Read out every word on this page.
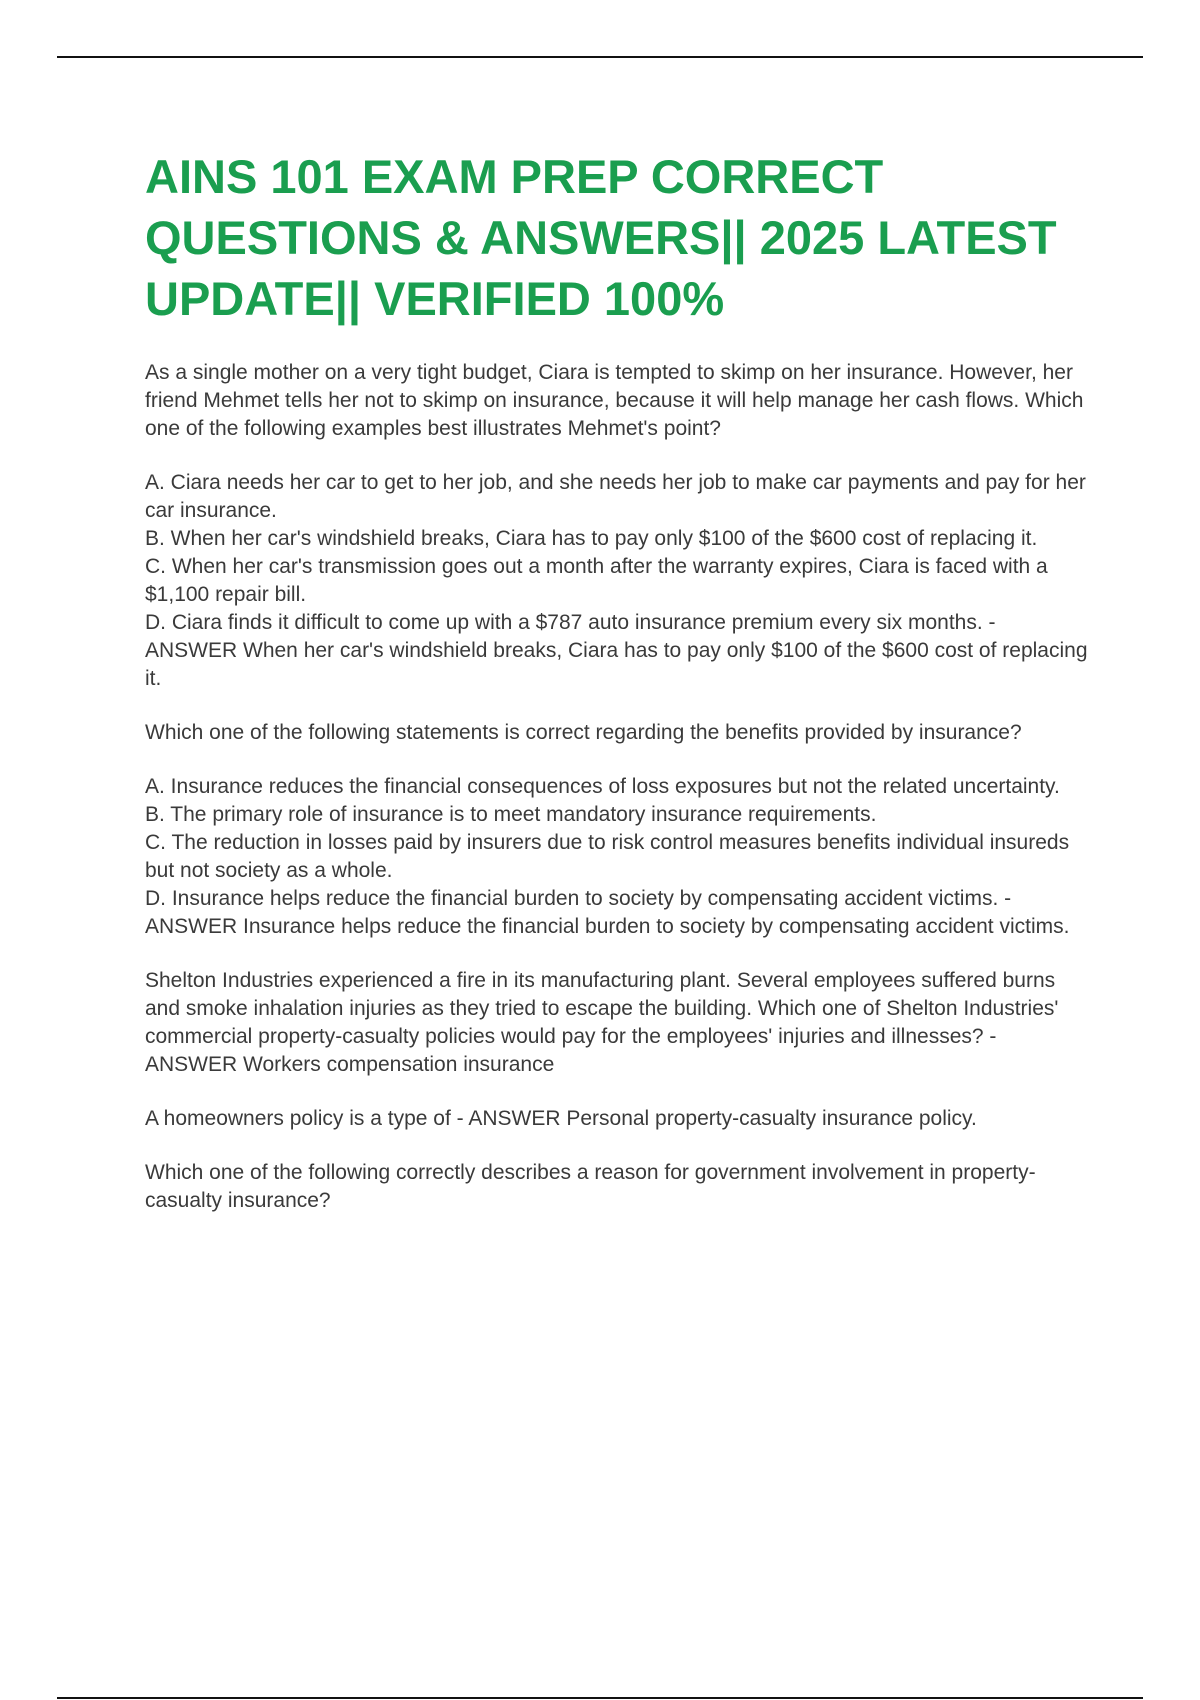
AINS 101 EXAM PREP CORRECT QUESTIONS & ANSWERS|| 2025 LATEST UPDATE|| VERIFIED 100%

As a single mother on a very tight budget, Ciara is tempted to skimp on her insurance. However, her friend Mehmet tells her not to skimp on insurance, because it will help manage her cash flows. Which one of the following examples best illustrates Mehmet's point?

A. Ciara needs her car to get to her job, and she needs her job to make car payments and pay for her car insurance.

B. When her car's windshield breaks, Ciara has to pay only $100 of the $600 cost of replacing it.

C. When her car's transmission goes out a month after the warranty expires, Ciara is faced with a $1,100 repair bill.

D. Ciara finds it difficult to come up with a $787 auto insurance premium every six months. - ANSWER When her car's windshield breaks, Ciara has to pay only $100 of the $600 cost of replacing it.

Which one of the following statements is correct regarding the benefits provided by insurance?

A. Insurance reduces the financial consequences of loss exposures but not the related uncertainty.

B. The primary role of insurance is to meet mandatory insurance requirements.

C. The reduction in losses paid by insurers due to risk control measures benefits individual insureds but not society as a whole.

D. Insurance helps reduce the financial burden to society by compensating accident victims. - ANSWER Insurance helps reduce the financial burden to society by compensating accident victims.

Shelton Industries experienced a fire in its manufacturing plant. Several employees suffered burns and smoke inhalation injuries as they tried to escape the building. Which one of Shelton Industries' commercial property-casualty policies would pay for the employees' injuries and illnesses? - ANSWER Workers compensation insurance

A homeowners policy is a type of - ANSWER Personal property-casualty insurance policy.

Which one of the following correctly describes a reason for government involvement in property-casualty insurance?
